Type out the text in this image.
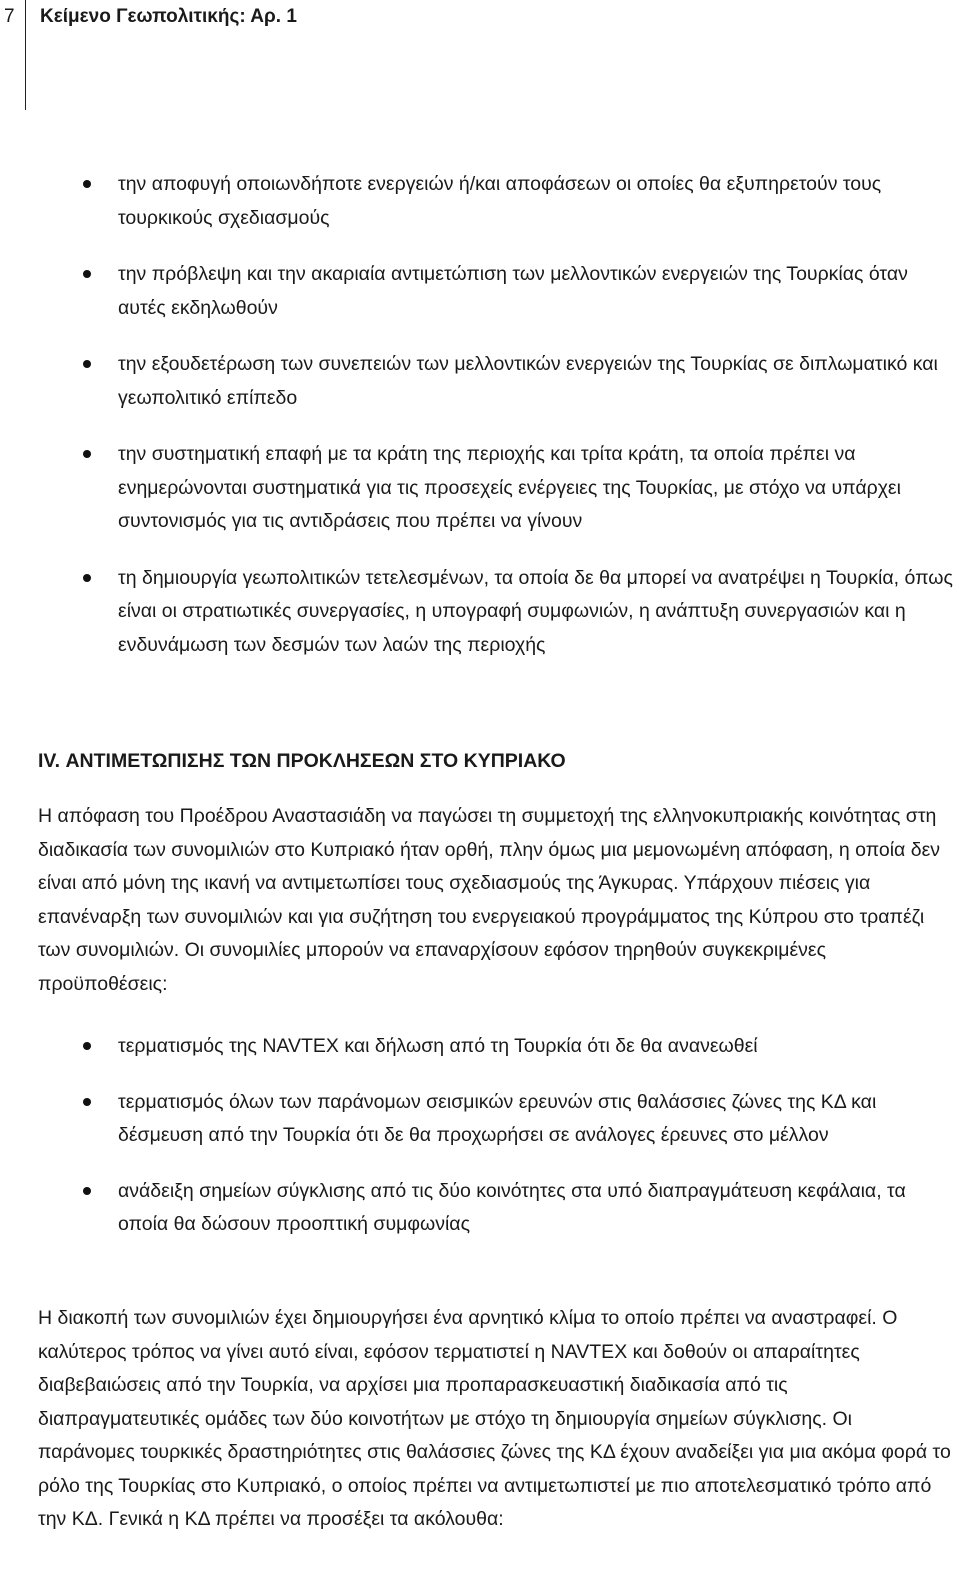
7 Κείμενο Γεωπολιτικής: Αρ. 1
την αποφυγή οποιωνδήποτε ενεργειών ή/και αποφάσεων οι οποίες θα εξυπηρετούν τους τουρκικούς σχεδιασμούς
την πρόβλεψη και την ακαριαία αντιμετώπιση των μελλοντικών ενεργειών της Τουρκίας όταν αυτές εκδηλωθούν
την εξουδετέρωση των συνεπειών των μελλοντικών ενεργειών της Τουρκίας σε διπλωματικό και γεωπολιτικό επίπεδο
την συστηματική επαφή με τα κράτη της περιοχής και τρίτα κράτη, τα οποία πρέπει να ενημερώνονται συστηματικά για τις προσεχείς ενέργειες της Τουρκίας, με στόχο να υπάρχει συντονισμός για τις αντιδράσεις που πρέπει να γίνουν
τη δημιουργία γεωπολιτικών τετελεσμένων, τα οποία δε θα μπορεί να ανατρέψει η Τουρκία, όπως είναι οι στρατιωτικές συνεργασίες, η υπογραφή συμφωνιών, η ανάπτυξη συνεργασιών και η ενδυνάμωση των δεσμών των λαών της περιοχής
IV. ΑΝΤΙΜΕΤΩΠΙΣΗΣ ΤΩΝ ΠΡΟΚΛΗΣΕΩΝ ΣΤΟ ΚΥΠΡΙΑΚΟ

Η απόφαση του Προέδρου Αναστασιάδη να παγώσει τη συμμετοχή της ελληνοκυπριακής κοινότητας στη διαδικασία των συνομιλιών στο Κυπριακό ήταν ορθή, πλην όμως μια μεμονωμένη απόφαση, η οποία δεν είναι από μόνη της ικανή να αντιμετωπίσει τους σχεδιασμούς της Άγκυρας. Υπάρχουν πιέσεις για επανέναρξη των συνομιλιών και για συζήτηση του ενεργειακού προγράμματος της Κύπρου στο τραπέζι των συνομιλιών. Οι συνομιλίες μπορούν να επαναρχίσουν εφόσον τηρηθούν συγκεκριμένες προϋποθέσεις:

τερματισμός της NAVTEX και δήλωση από τη Τουρκία ότι δε θα ανανεωθεί
τερματισμός όλων των παράνομων σεισμικών ερευνών στις θαλάσσιες ζώνες της ΚΔ και δέσμευση από την Τουρκία ότι δε θα προχωρήσει σε ανάλογες έρευνες στο μέλλον
ανάδειξη σημείων σύγκλισης από τις δύο κοινότητες στα υπό διαπραγμάτευση κεφάλαια, τα οποία θα δώσουν προοπτική συμφωνίας

Η διακοπή των συνομιλιών έχει δημιουργήσει ένα αρνητικό κλίμα το οποίο πρέπει να αναστραφεί. Ο καλύτερος τρόπος να γίνει αυτό είναι, εφόσον τερματιστεί η NAVTEX και δοθούν οι απαραίτητες διαβεβαιώσεις από την Τουρκία, να αρχίσει μια προπαρασκευαστική διαδικασία από τις διαπραγματευτικές ομάδες των δύο κοινοτήτων με στόχο τη δημιουργία σημείων σύγκλισης. Οι παράνομες τουρκικές δραστηριότητες στις θαλάσσιες ζώνες της ΚΔ έχουν αναδείξει για μια ακόμα φορά το ρόλο της Τουρκίας στο Κυπριακό, ο οποίος πρέπει να αντιμετωπιστεί με πιο αποτελεσματικό τρόπο από την ΚΔ. Γενικά η ΚΔ πρέπει να προσέξει τα ακόλουθα:
